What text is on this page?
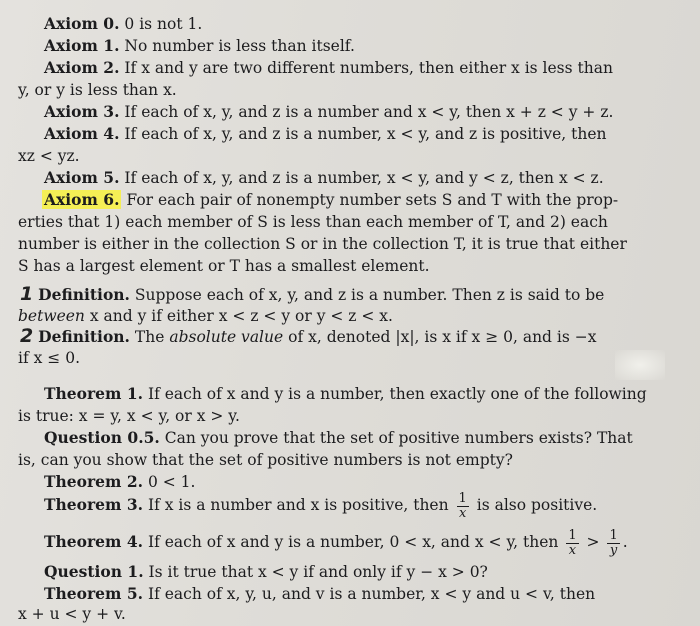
Axiom 0. 0 is not 1.
Axiom 1. No number is less than itself.
Axiom 2. If x and y are two different numbers, then either x is less than
y, or y is less than x.
Axiom 3. If each of x, y, and z is a number and x < y, then x + z < y + z.
Axiom 4. If each of x, y, and z is a number, x < y, and z is positive, then
xz < yz.
Axiom 5. If each of x, y, and z is a number, x < y, and y < z, then x < z.
Axiom 6. For each pair of nonempty number sets S and T with the prop-
erties that 1) each member of S is less than each member of T, and 2) each
number is either in the collection S or in the collection T, it is true that either
S has a largest element or T has a smallest element.
1 Definition. Suppose each of x, y, and z is a number. Then z is said to be
between x and y if either x < z < y or y < z < x.
2 Definition. The absolute value of x, denoted |x|, is x if x ≥ 0, and is −x
if x ≤ 0.
Theorem 1. If each of x and y is a number, then exactly one of the following
is true: x = y, x < y, or x > y.
Question 0.5. Can you prove that the set of positive numbers exists? That
is, can you show that the set of positive numbers is not empty?
Theorem 2. 0 < 1.
Theorem 3. If x is a number and x is positive, then $\frac{1}{x}$ is also positive.
Theorem 4. If each of x and y is a number, 0 < x, and x < y, then $\frac{1}{x} > \frac{1}{y}$ .
Question 1. Is it true that x < y if and only if y − x > 0?
Theorem 5. If each of x, y, u, and v is a number, x < y and u < v, then
x + u < y + v.
